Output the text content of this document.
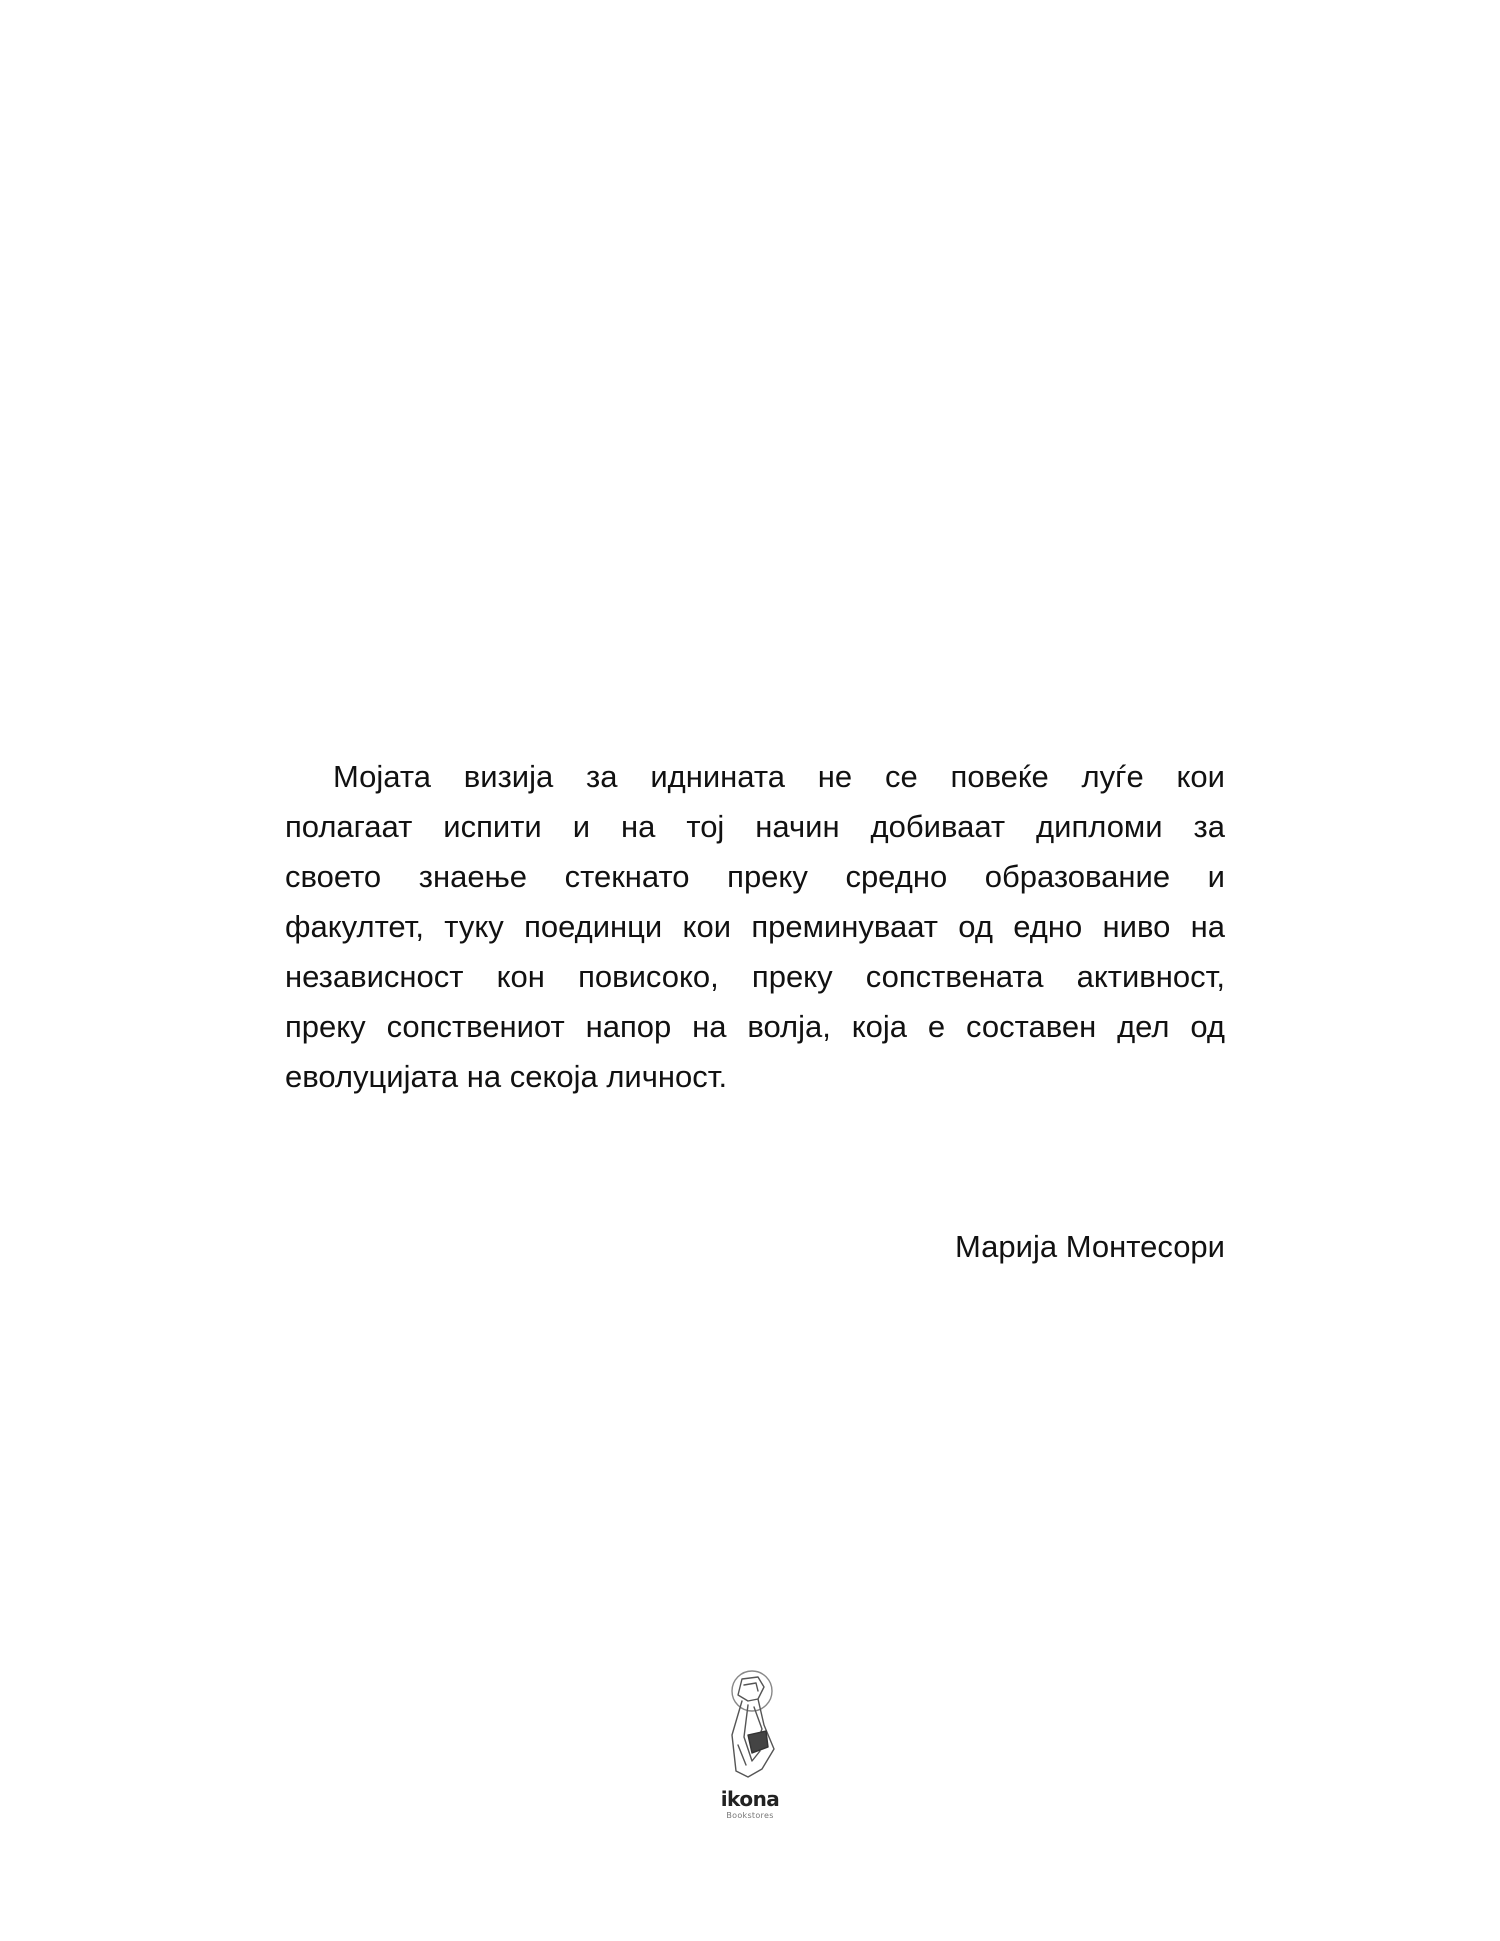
Мојата визија за иднината не се повеќе луѓе кои
полагаат испити и на тој начин добиваат дипломи за
своето знаење стекнато преку средно образование и
факултет, туку поединци кои преминуваат од едно ниво на
независност кон повисоко, преку сопствената активност,
преку сопствениот напор на волја, која е составен дел од
еволуцијата на секоја личност.
Марија Монтесори
ikona
Bookstores
